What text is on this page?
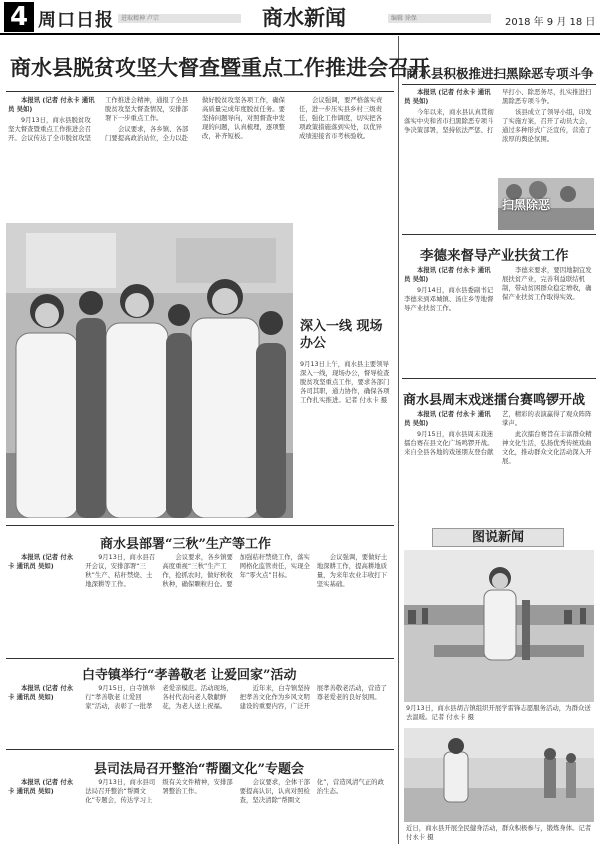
4 周口日报	进取精神 卢宗	商水新闻	编辑 徐保	2018 年 9 月 18 日
商水县脱贫攻坚大督查暨重点工作推进会召开

本报讯 (记者 付永卡 通讯员 吴如)

9月13日，商水县脱贫攻坚大督查暨重点工作推进会召开。会议传达了全市脱贫攻坚工作推进会精神，通报了全县脱贫攻坚大督查情况，安排部署下一步重点工作。

会议要求，各乡镇、各部门要提高政治站位，全力以赴做好脱贫攻坚各项工作，确保高质量完成年度脱贫任务。要坚持问题导向，对照督查中发现的问题，认真梳理，逐项整改，补齐短板。

会议强调，要严格落实责任，进一步压实县乡村三级责任，强化工作调度，切实把各项政策措施落到实处，以优异成绩迎接省市考核验收。

深入一线 现场办公
9月13日上午，商水县主要领导深入一线，现场办公，督导检查脱贫攻坚重点工作，要求各部门各司其职，通力协作，确保各项工作扎实推进。记者 付永卡 摄
商水县部署“三秋”生产等工作

本报讯 (记者 付永卡 通讯员 吴如)

9月13日，商水县召开会议，安排部署“三秋”生产、秸秆禁烧、土地深耕等工作。

会议要求，各乡镇要高度重视“三秋”生产工作，抢抓农时，做好秋收秋种，确保颗粒归仓。要加强秸秆禁烧工作，落实网格化监管责任，实现全年“零火点”目标。

会议强调，要做好土地深耕工作，提高耕地质量，为来年农业丰收打下坚实基础。

白寺镇举行“孝善敬老 让爱回家”活动

本报讯 (记者 付永卡 通讯员 吴如)

9月15日，白寺镇举行“孝善敬老 让爱回家”活动，表彰了一批孝老爱亲模范。活动现场，各村代表向老人敬献鲜花，为老人送上祝福。

近年来，白寺镇坚持把孝善文化作为乡风文明建设的重要内容，广泛开展孝善敬老活动，营造了尊老爱老的良好氛围。

县司法局召开整治“帮圈文化”专题会

本报讯 (记者 付永卡 通讯员 吴如)

9月13日，商水县司法局召开整治“帮圈文化”专题会，传达学习上级有关文件精神，安排部署整治工作。

会议要求，全体干部要提高认识，认真对照检查，坚决清除“帮圈文化”，营造风清气正的政治生态。

商水县积极推进扫黑除恶专项斗争

本报讯 (记者 付永卡 通讯员 吴如)

今年以来，商水县认真贯彻落实中央和省市扫黑除恶专项斗争决策部署，坚持依法严惩、打早打小、除恶务尽，扎实推进扫黑除恶专项斗争。

该县成立了领导小组，印发了实施方案，召开了动员大会，通过多种形式广泛宣传，营造了浓厚的舆论氛围。

扫黑除恶
李德来督导产业扶贫工作

本报讯 (记者 付永卡 通讯员 吴如)

9月14日，商水县委副书记李德来到邓城镇、汤庄乡等地督导产业扶贫工作。

李德来要求，要因地制宜发展扶贫产业，完善利益联结机制，带动贫困群众稳定增收，确保产业扶贫工作取得实效。

商水县周末戏迷擂台赛鸣锣开战

本报讯 (记者 付永卡 通讯员 吴如)

9月15日，商水县周末戏迷擂台赛在县文化广场鸣锣开战。来自全县各地的戏迷朋友登台献艺，精彩的表演赢得了观众阵阵掌声。

此次擂台赛旨在丰富群众精神文化生活，弘扬优秀传统戏曲文化，推动群众文化活动深入开展。

图说新闻
9月13日，商水县胡吉镇组织开展学雷锋志愿服务活动，为群众送去温暖。记者 付永卡 摄
近日，商水县开展全民健身活动，群众积极参与，锻炼身体。记者 付永卡 摄
